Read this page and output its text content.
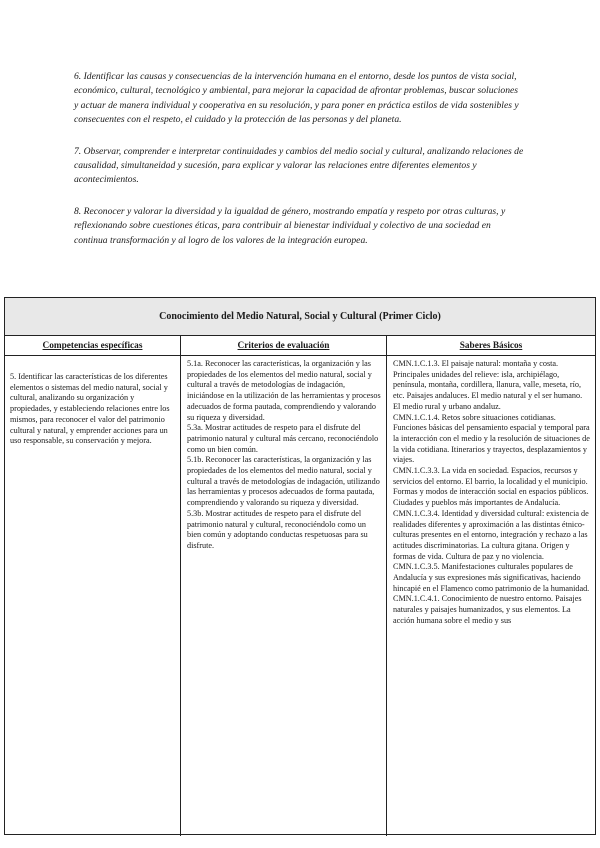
6. Identificar las causas y consecuencias de la intervención humana en el entorno, desde los puntos de vista social, económico, cultural, tecnológico y ambiental, para mejorar la capacidad de afrontar problemas, buscar soluciones y actuar de manera individual y cooperativa en su resolución, y para poner en práctica estilos de vida sostenibles y consecuentes con el respeto, el cuidado y la protección de las personas y del planeta.

7. Observar, comprender e interpretar continuidades y cambios del medio social y cultural, analizando relaciones de causalidad, simultaneidad y sucesión, para explicar y valorar las relaciones entre diferentes elementos y acontecimientos.

8. Reconocer y valorar la diversidad y la igualdad de género, mostrando empatía y respeto por otras culturas, y reflexionando sobre cuestiones éticas, para contribuir al bienestar individual y colectivo de una sociedad en continua transformación y al logro de los valores de la integración europea.

Conocimiento del Medio Natural, Social y Cultural (Primer Ciclo)
Competencias específicas	Criterios de evaluación	Saberes Básicos
5. Identificar las características de los diferentes elementos o sistemas del medio natural, social y cultural, analizando su organización y propiedades, y estableciendo relaciones entre los mismos, para reconocer el valor del patrimonio cultural y natural, y emprender acciones para un uso responsable, su conservación y mejora.
5.1a. Reconocer las características, la organización y las propiedades de los elementos del medio natural, social y cultural a través de metodologías de indagación, iniciándose en la utilización de las herramientas y procesos adecuados de forma pautada, comprendiendo y valorando su riqueza y diversidad.
5.3a. Mostrar actitudes de respeto para el disfrute del patrimonio natural y cultural más cercano, reconociéndolo como un bien común.
5.1b. Reconocer las características, la organización y las propiedades de los elementos del medio natural, social y cultural a través de metodologías de indagación, utilizando las herramientas y procesos adecuados de forma pautada, comprendiendo y valorando su riqueza y diversidad.
5.3b. Mostrar actitudes de respeto para el disfrute del patrimonio natural y cultural, reconociéndolo como un bien común y adoptando conductas respetuosas para su disfrute.
CMN.1.C.1.3. El paisaje natural: montaña y costa. Principales unidades del relieve: isla, archipiélago, península, montaña, cordillera, llanura, valle, meseta, río, etc. Paisajes andaluces. El medio natural y el ser humano. El medio rural y urbano andaluz.
CMN.1.C.1.4. Retos sobre situaciones cotidianas. Funciones básicas del pensamiento espacial y temporal para la interacción con el medio y la resolución de situaciones de la vida cotidiana. Itinerarios y trayectos, desplazamientos y viajes.
CMN.1.C.3.3. La vida en sociedad. Espacios, recursos y servicios del entorno. El barrio, la localidad y el municipio. Formas y modos de interacción social en espacios públicos. Ciudades y pueblos más importantes de Andalucía.
CMN.1.C.3.4. Identidad y diversidad cultural: existencia de realidades diferentes y aproximación a las distintas étnico-culturas presentes en el entorno, integración y rechazo a las actitudes discriminatorias. La cultura gitana. Origen y formas de vida. Cultura de paz y no violencia.
CMN.1.C.3.5. Manifestaciones culturales populares de Andalucía y sus expresiones más significativas, haciendo hincapié en el Flamenco como patrimonio de la humanidad.
CMN.1.C.4.1. Conocimiento de nuestro entorno. Paisajes naturales y paisajes humanizados, y sus elementos. La acción humana sobre el medio y sus
